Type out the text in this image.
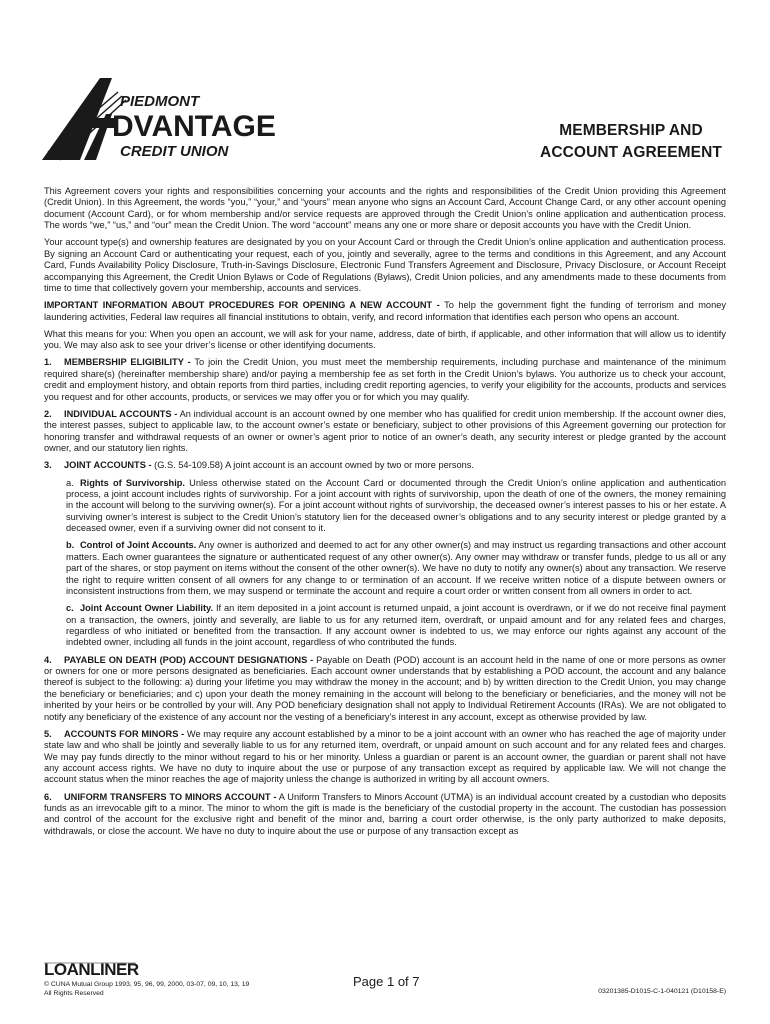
PIEDMONT
DVANTAGE
CREDIT UNION
MEMBERSHIP AND
ACCOUNT AGREEMENT

This Agreement covers your rights and responsibilities concerning your accounts and the rights and responsibilities of the Credit Union providing this Agreement (Credit Union). In this Agreement, the words “you,” “your,” and “yours” mean anyone who signs an Account Card, Account Change Card, or any other account opening document (Account Card), or for whom membership and/or service requests are approved through the Credit Union’s online application and authentication process. The words “we,” “us,” and “our” mean the Credit Union. The word “account” means any one or more share or deposit accounts you have with the Credit Union.

Your account type(s) and ownership features are designated by you on your Account Card or through the Credit Union’s online application and authentication process. By signing an Account Card or authenticating your request, each of you, jointly and severally, agree to the terms and conditions in this Agreement, and any Account Card, Funds Availability Policy Disclosure, Truth-in-Savings Disclosure, Electronic Fund Transfers Agreement and Disclosure, Privacy Disclosure, or Account Receipt accompanying this Agreement, the Credit Union Bylaws or Code of Regulations (Bylaws), Credit Union policies, and any amendments made to these documents from time to time that collectively govern your membership, accounts and services.

IMPORTANT INFORMATION ABOUT PROCEDURES FOR OPENING A NEW ACCOUNT - To help the government fight the funding of terrorism and money laundering activities, Federal law requires all financial institutions to obtain, verify, and record information that identifies each person who opens an account.

What this means for you: When you open an account, we will ask for your name, address, date of birth, if applicable, and other information that will allow us to identify you. We may also ask to see your driver’s license or other identifying documents.

1. MEMBERSHIP ELIGIBILITY - To join the Credit Union, you must meet the membership requirements, including purchase and maintenance of the minimum required share(s) (hereinafter membership share) and/or paying a membership fee as set forth in the Credit Union’s bylaws. You authorize us to check your account, credit and employment history, and obtain reports from third parties, including credit reporting agencies, to verify your eligibility for the accounts, products and services you request and for other accounts, products, or services we may offer you or for which you may qualify.

2. INDIVIDUAL ACCOUNTS - An individual account is an account owned by one member who has qualified for credit union membership. If the account owner dies, the interest passes, subject to applicable law, to the account owner’s estate or beneficiary, subject to other provisions of this Agreement governing our protection for honoring transfer and withdrawal requests of an owner or owner’s agent prior to notice of an owner’s death, any security interest or pledge granted by the account owner, and our statutory lien rights.

3. JOINT ACCOUNTS - (G.S. 54-109.58) A joint account is an account owned by two or more persons.

a. Rights of Survivorship. Unless otherwise stated on the Account Card or documented through the Credit Union’s online application and authentication process, a joint account includes rights of survivorship. For a joint account with rights of survivorship, upon the death of one of the owners, the money remaining in the account will belong to the surviving owner(s). For a joint account without rights of survivorship, the deceased owner’s interest passes to his or her estate. A surviving owner’s interest is subject to the Credit Union’s statutory lien for the deceased owner’s obligations and to any security interest or pledge granted by a deceased owner, even if a surviving owner did not consent to it.

b. Control of Joint Accounts. Any owner is authorized and deemed to act for any other owner(s) and may instruct us regarding transactions and other account matters. Each owner guarantees the signature or authenticated request of any other owner(s). Any owner may withdraw or transfer funds, pledge to us all or any part of the shares, or stop payment on items without the consent of the other owner(s). We have no duty to notify any owner(s) about any transaction. We reserve the right to require written consent of all owners for any change to or termination of an account. If we receive written notice of a dispute between owners or inconsistent instructions from them, we may suspend or terminate the account and require a court order or written consent from all owners in order to act.

c. Joint Account Owner Liability. If an item deposited in a joint account is returned unpaid, a joint account is overdrawn, or if we do not receive final payment on a transaction, the owners, jointly and severally, are liable to us for any returned item, overdraft, or unpaid amount and for any related fees and charges, regardless of who initiated or benefited from the transaction. If any account owner is indebted to us, we may enforce our rights against any account of the indebted owner, including all funds in the joint account, regardless of who contributed the funds.

4. PAYABLE ON DEATH (POD) ACCOUNT DESIGNATIONS - Payable on Death (POD) account is an account held in the name of one or more persons as owner or owners for one or more persons designated as beneficiaries. Each account owner understands that by establishing a POD account, the account and any balance thereof is subject to the following: a) during your lifetime you may withdraw the money in the account; and b) by written direction to the Credit Union, you may change the beneficiary or beneficiaries; and c) upon your death the money remaining in the account will belong to the beneficiary or beneficiaries, and the money will not be inherited by your heirs or be controlled by your will. Any POD beneficiary designation shall not apply to Individual Retirement Accounts (IRAs). We are not obligated to notify any beneficiary of the existence of any account nor the vesting of a beneficiary’s interest in any account, except as otherwise provided by law.

5. ACCOUNTS FOR MINORS - We may require any account established by a minor to be a joint account with an owner who has reached the age of majority under state law and who shall be jointly and severally liable to us for any returned item, overdraft, or unpaid amount on such account and for any related fees and charges. We may pay funds directly to the minor without regard to his or her minority. Unless a guardian or parent is an account owner, the guardian or parent shall not have any account access rights. We have no duty to inquire about the use or purpose of any transaction except as required by applicable law. We will not change the account status when the minor reaches the age of majority unless the change is authorized in writing by all account owners.

6. UNIFORM TRANSFERS TO MINORS ACCOUNT - A Uniform Transfers to Minors Account (UTMA) is an individual account created by a custodian who deposits funds as an irrevocable gift to a minor. The minor to whom the gift is made is the beneficiary of the custodial property in the account. The custodian has possession and control of the account for the exclusive right and benefit of the minor and, barring a court order otherwise, is the only party authorized to make deposits, withdrawals, or close the account. We have no duty to inquire about the use or purpose of any transaction except as

LOANLINER
© CUNA Mutual Group 1993, 95, 96, 99, 2000, 03-07, 09, 10, 13, 19
All Rights Reserved
Page 1 of 7
03201385-D1015-C-1-040121 (D10158-E)
